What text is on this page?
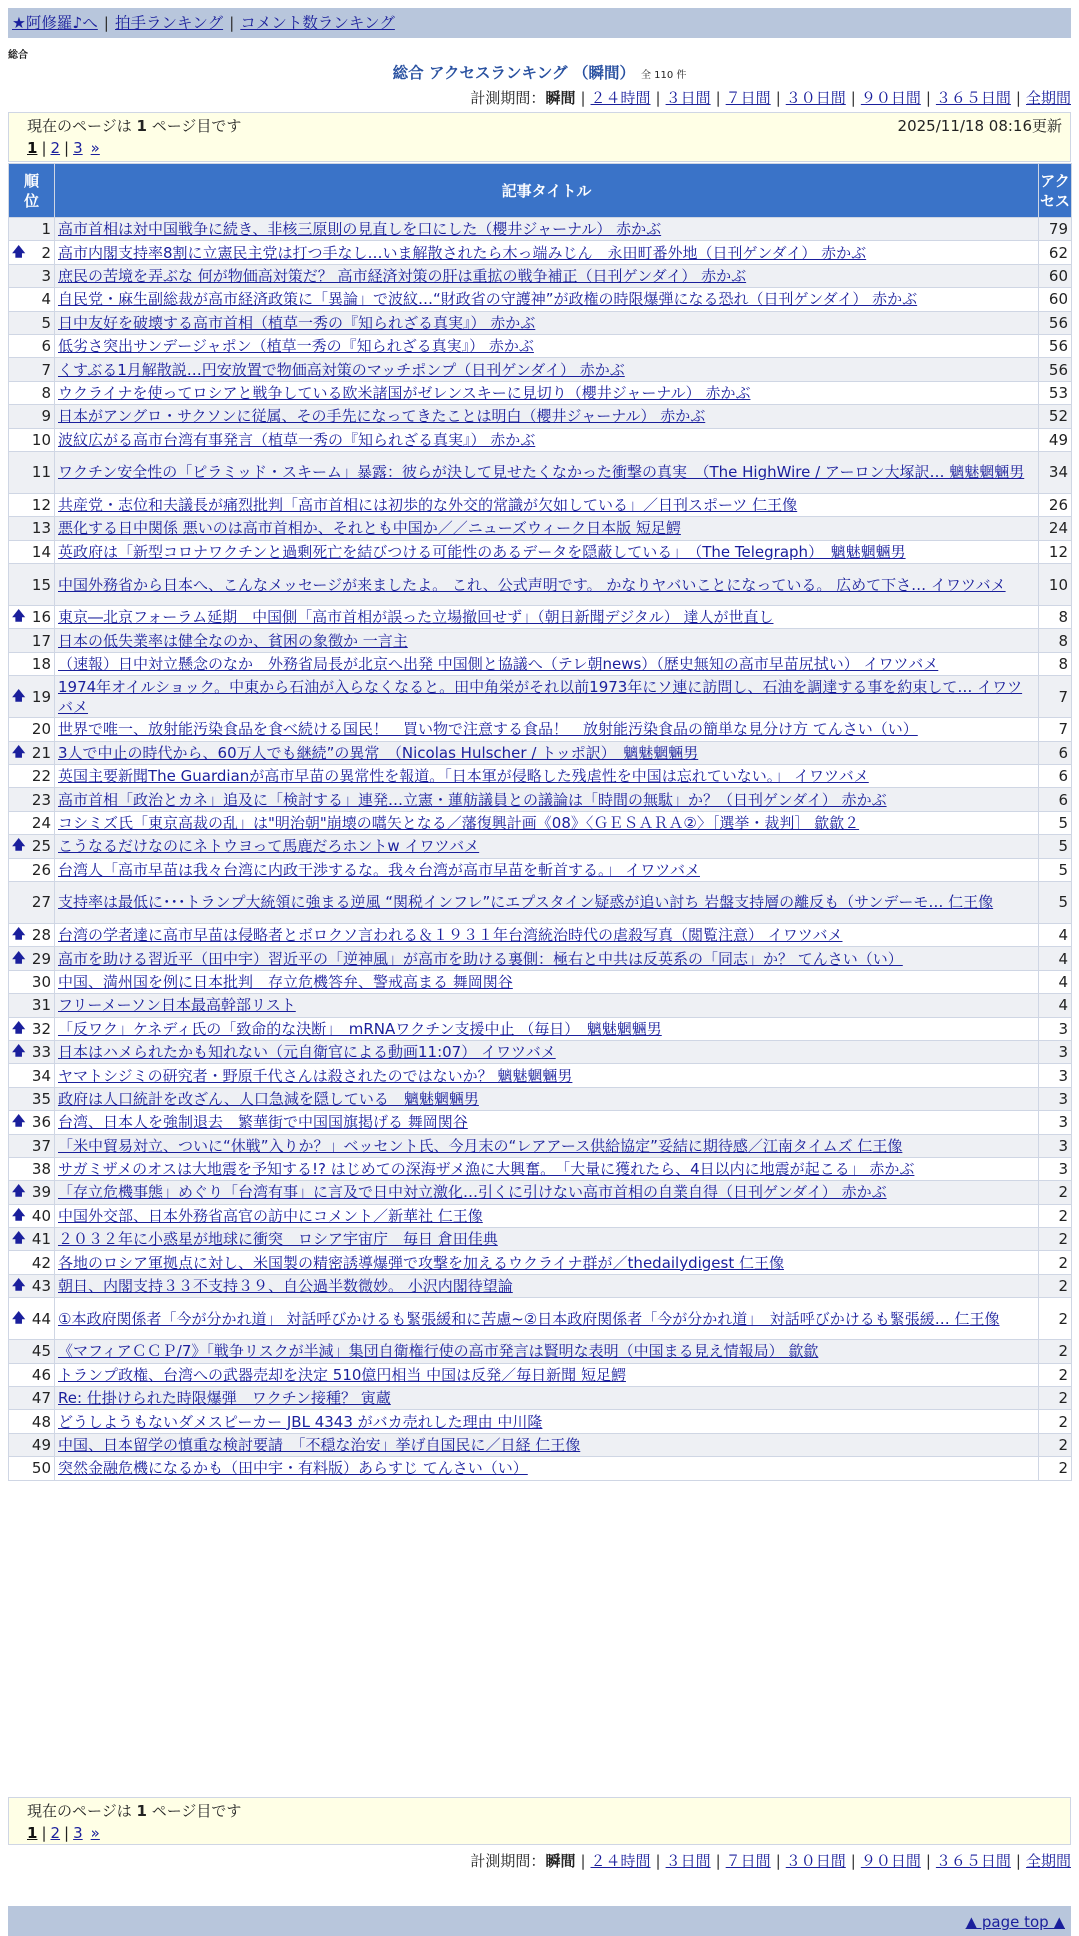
★阿修羅♪へ | 拍手ランキング | コメント数ランキング
総合
総合 アクセスランキング （瞬間） 全 110 件
計測期間：瞬間 | ２４時間 | ３日間 | ７日間 | ３０日間 | ９０日間 | ３６５日間 | 全期間
現在のページは 1 ページ目です	2025/11/18 08:16更新
1 | 2 | 3 »
順位	記事タイトル	アクセス
1	高市首相は対中国戦争に続き、非核三原則の見直しを口にした（櫻井ジャーナル） 赤かぶ	79

🡅 2	高市内閣支持率8割に立憲民主党は打つ手なし…いま解散されたら木っ端みじん　永田町番外地（日刊ゲンダイ） 赤かぶ	62
3	庶民の苦境を弄ぶな 何が物価高対策だ？ 高市経済対策の肝は重拡の戦争補正（日刊ゲンダイ） 赤かぶ	60
4	自民党・麻生副総裁が高市経済政策に「異論」で波紋…“財政省の守護神”が政権の時限爆弾になる恐れ（日刊ゲンダイ） 赤かぶ	60
5	日中友好を破壊する高市首相（植草一秀の『知られざる真実』） 赤かぶ	56
6	低劣さ突出サンデージャポン（植草一秀の『知られざる真実』） 赤かぶ	56
7	くすぶる1月解散説…円安放置で物価高対策のマッチポンプ（日刊ゲンダイ） 赤かぶ	56
8	ウクライナを使ってロシアと戦争している欧米諸国がゼレンスキーに見切り（櫻井ジャーナル） 赤かぶ	53
9	日本がアングロ・サクソンに従属、その手先になってきたことは明白（櫻井ジャーナル） 赤かぶ	52
10	波紋広がる高市台湾有事発言（植草一秀の『知られざる真実』） 赤かぶ	49
11	ワクチン安全性の「ピラミッド・スキーム」暴露：彼らが決して見せたくなかった衝撃の真実　（The HighWire / アーロン大塚訳… 魑魅魍魎男	34
12	共産党・志位和夫議長が痛烈批判「高市首相には初歩的な外交的常識が欠如している」／日刊スポーツ 仁王像	26
13	悪化する日中関係 悪いのは高市首相か、それとも中国か／／ニューズウィーク日本版 短足鰐	24
14	英政府は「新型コロナワクチンと過剰死亡を結びつける可能性のあるデータを隠蔽している」　（The Telegraph）　魑魅魍魎男	12
15	中国外務省から日本へ、こんなメッセージが来ましたよ。 これ、公式声明です。 かなりヤバいことになっている。 広めて下さ… イワツバメ	10

🡅 16	東京―北京フォーラム延期　中国側「高市首相が誤った立場撤回せず」（朝日新聞デジタル） 達人が世直し	8
17	日本の低失業率は健全なのか、貧困の象徴か 一言主	8
18	（速報）日中対立懸念のなか　外務省局長が北京へ出発 中国側と協議へ（テレ朝news）（歴史無知の高市早苗尻拭い） イワツバメ	8

🡅 19	1974年オイルショック。中東から石油が入らなくなると。田中角栄がそれ以前1973年にソ連に訪問し、石油を調達する事を約束して… イワツバメ	7
20	世界で唯一、放射能汚染食品を食べ続ける国民！　買い物で注意する食品！　放射能汚染食品の簡単な見分け方 てんさい（い）	7

🡅 21	3人で中止の時代から、60万人でも継続”の異常　（Nicolas Hulscher / トッポ訳）　魑魅魍魎男	6
22	英国主要新聞The Guardianが高市早苗の異常性を報道。「日本軍が侵略した残虐性を中国は忘れていない。」 イワツバメ	6
23	高市首相「政治とカネ」追及に「検討する」連発…立憲・蓮舫議員との議論は「時間の無駄」か？（日刊ゲンダイ） 赤かぶ	6
24	コシミズ氏「東京高裁の乱」は"明治朝"崩壊の嚆矢となる／藩復興計画《08》〈ＧＥＳＡＲＡ②〉［選挙・裁判］ 歙歙２	5

🡅 25	こうなるだけなのにネトウヨって馬鹿だろホントw イワツバメ	5
26	台湾人「高市早苗は我々台湾に内政干渉するな。我々台湾が高市早苗を斬首する。」 イワツバメ	5
27	支持率は最低に･･･トランプ大統領に強まる逆風 “関税インフレ”にエプスタイン疑惑が追い討ち 岩盤支持層の離反も（サンデーモ… 仁王像	5

🡅 28	台湾の学者達に高市早苗は侵略者とボロクソ言われる＆１９３１年台湾統治時代の虐殺写真（閲覧注意） イワツバメ	4

🡅 29	高市を助ける習近平（田中宇）習近平の「逆神風」が高市を助ける裏側：極右と中共は反英系の「同志」か？ てんさい（い）	4
30	中国、満州国を例に日本批判　存立危機答弁、警戒高まる 舞岡関谷	4
31	フリーメーソン日本最高幹部リスト	4

🡅 32	「反ワク」ケネディ氏の「致命的な決断」　mRNAワクチン支援中止 （毎日）　魑魅魍魎男	3

🡅 33	日本はハメられたかも知れない（元自衛官による動画11:07） イワツバメ	3
34	ヤマトシジミの研究者・野原千代さんは殺されたのではないか？ 魑魅魍魎男	3
35	政府は人口統計を改ざん、人口急減を隠している　魑魅魍魎男	3

🡅 36	台湾、日本人を強制退去　繁華街で中国国旗掲げる 舞岡関谷	3
37	「米中貿易対立、ついに“休戦”入りか？」ベッセント氏、今月末の“レアアース供給協定”妥結に期待感／江南タイムズ 仁王像	3
38	サガミザメのオスは大地震を予知する!? はじめての深海ザメ漁に大興奮。　「大量に獲れたら、4日以内に地震が起こる」 赤かぶ	3

🡅 39	「存立危機事態」めぐり「台湾有事」に言及で日中対立激化…引くに引けない高市首相の自業自得（日刊ゲンダイ） 赤かぶ	2

🡅 40	中国外交部、日本外務省高官の訪中にコメント／新華社 仁王像	2

🡅 41	２０３２年に小惑星が地球に衝突　ロシア宇宙庁　毎日 倉田佳典	2
42	各地のロシア軍拠点に対し、米国製の精密誘導爆弾で攻撃を加えるウクライナ群が／thedailydigest 仁王像	2

🡅 43	朝日、内閣支持３３不支持３９、自公過半数微妙。 小沢内閣待望論	2

🡅 44	①本政府関係者「今が分かれ道」 対話呼びかけるも緊張緩和に苦慮~②日本政府関係者「今が分かれ道」　対話呼びかけるも緊張緩… 仁王像	2
45	《マフィアＣＣＰ/7》「戦争リスクが半減」集団自衛権行使の高市発言は賢明な表明（中国まる見え情報局） 歙歙	2
46	トランプ政権、台湾への武器売却を決定 510億円相当 中国は反発／毎日新聞 短足鰐	2
47	Re: 仕掛けられた時限爆弾　ワクチン接種？ 寅蔵	2
48	どうしようもないダメスピーカー JBL 4343 がバカ売れした理由 中川隆	2
49	中国、日本留学の慎重な検討要請　「不穏な治安」挙げ自国民に／日経 仁王像	2
50	突然金融危機になるかも（田中宇・有料版）あらすじ てんさい（い）	2
現在のページは 1 ページ目です
1 | 2 | 3 »
計測期間：瞬間 | ２４時間 | ３日間 | ７日間 | ３０日間 | ９０日間 | ３６５日間 | 全期間
▲ page top ▲
